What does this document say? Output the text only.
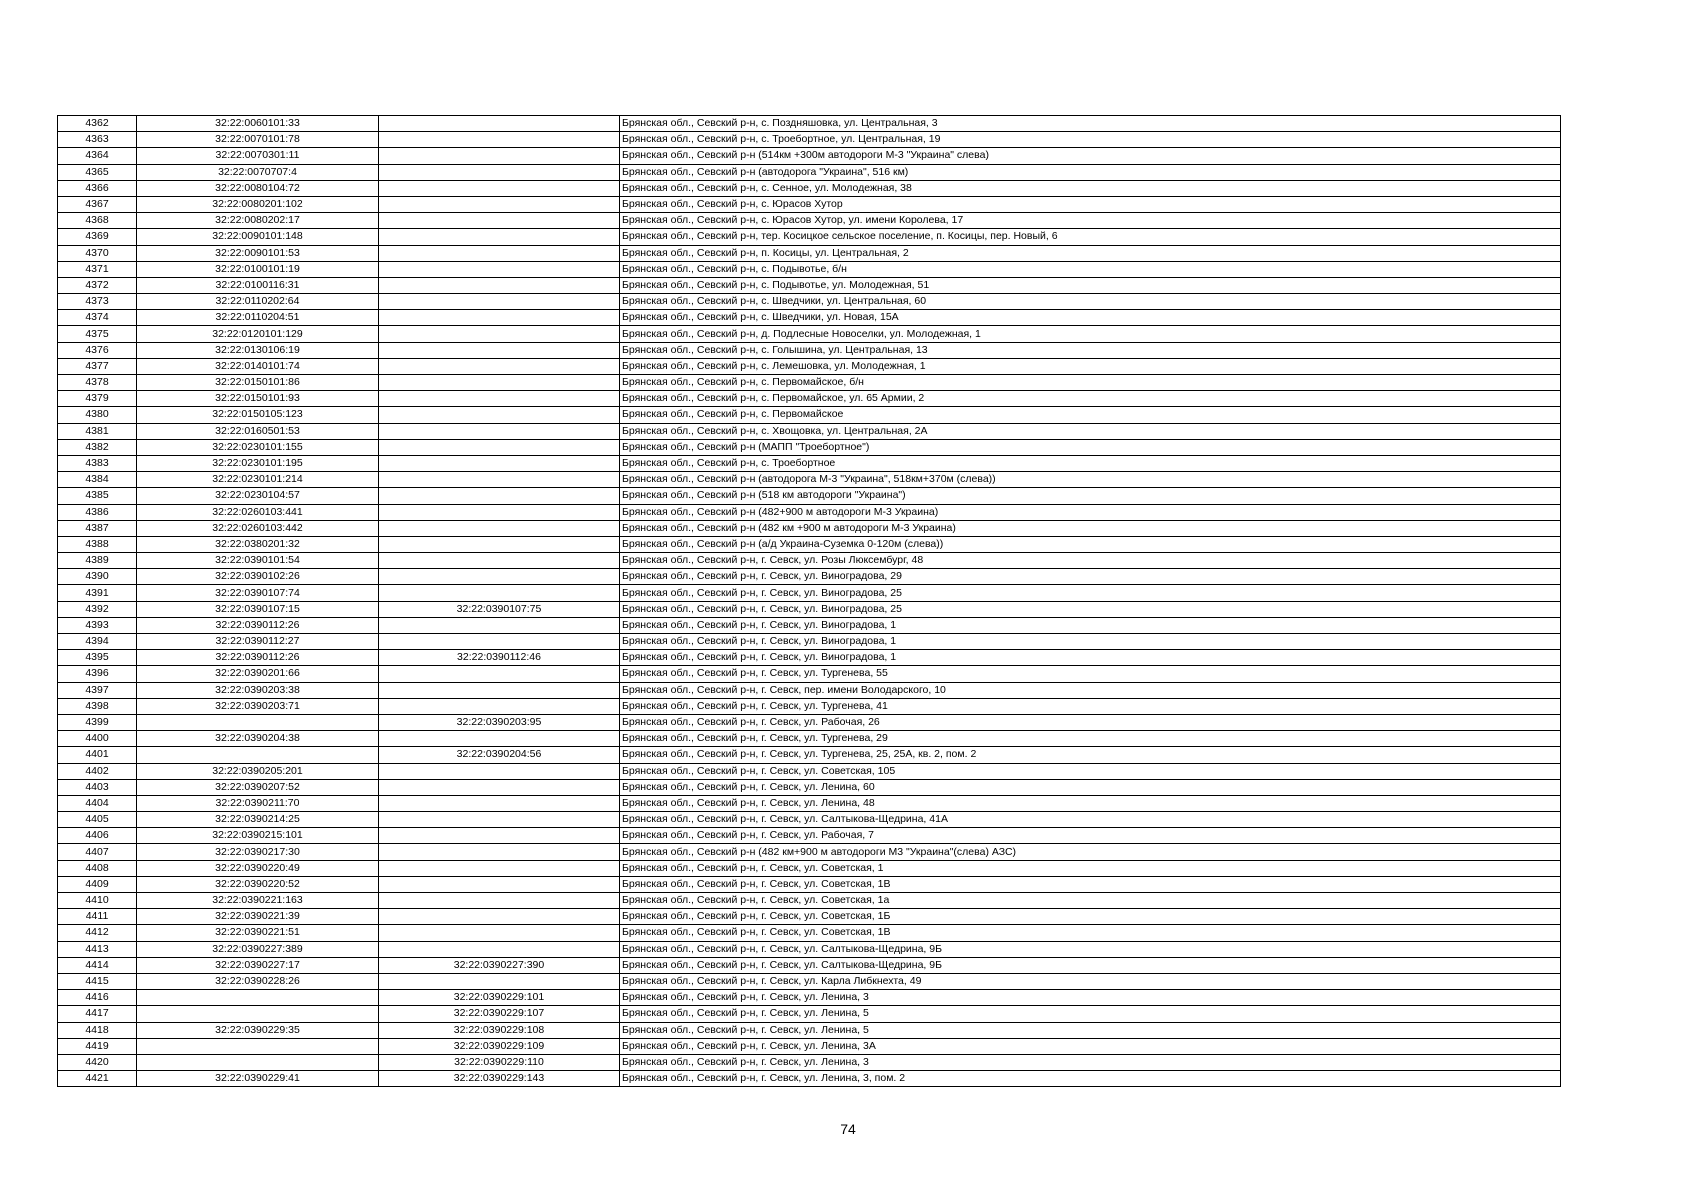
4362	32:22:0060101:33		Брянская обл., Севский р-н, с. Поздняшовка, ул. Центральная, 3
4363	32:22:0070101:78		Брянская обл., Севский р-н, с. Троебортное, ул. Центральная, 19
4364	32:22:0070301:11		Брянская обл., Севский р-н (514км +300м автодороги М-3 "Украина" слева)
4365	32:22:0070707:4		Брянская обл., Севский р-н (автодорога "Украина", 516 км)
4366	32:22:0080104:72		Брянская обл., Севский р-н, с. Сенное, ул. Молодежная, 38
4367	32:22:0080201:102		Брянская обл., Севский р-н, с. Юрасов Хутор
4368	32:22:0080202:17		Брянская обл., Севский р-н, с. Юрасов Хутор, ул. имени Королева, 17
4369	32:22:0090101:148		Брянская обл., Севский р-н, тер. Косицкое сельское поселение, п. Косицы, пер. Новый, 6
4370	32:22:0090101:53		Брянская обл., Севский р-н, п. Косицы, ул. Центральная, 2
4371	32:22:0100101:19		Брянская обл., Севский р-н, с. Подывотье, б/н
4372	32:22:0100116:31		Брянская обл., Севский р-н, с. Подывотье, ул. Молодежная, 51
4373	32:22:0110202:64		Брянская обл., Севский р-н, с. Шведчики, ул. Центральная, 60
4374	32:22:0110204:51		Брянская обл., Севский р-н, с. Шведчики, ул. Новая, 15А
4375	32:22:0120101:129		Брянская обл., Севский р-н, д. Подлесные Новоселки, ул. Молодежная, 1
4376	32:22:0130106:19		Брянская обл., Севский р-н, с. Голышина, ул. Центральная, 13
4377	32:22:0140101:74		Брянская обл., Севский р-н, с. Лемешовка, ул. Молодежная, 1
4378	32:22:0150101:86		Брянская обл., Севский р-н, с. Первомайское, б/н
4379	32:22:0150101:93		Брянская обл., Севский р-н, с. Первомайское, ул. 65 Армии, 2
4380	32:22:0150105:123		Брянская обл., Севский р-н, с. Первомайское
4381	32:22:0160501:53		Брянская обл., Севский р-н, с. Хвощовка, ул. Центральная, 2А
4382	32:22:0230101:155		Брянская обл., Севский р-н (МАПП "Троебортное")
4383	32:22:0230101:195		Брянская обл., Севский р-н, с. Троебортное
4384	32:22:0230101:214		Брянская обл., Севский р-н (автодорога М-3 "Украина", 518км+370м (слева))
4385	32:22:0230104:57		Брянская обл., Севский р-н (518 км автодороги "Украина")
4386	32:22:0260103:441		Брянская обл., Севский р-н (482+900 м автодороги М-3 Украина)
4387	32:22:0260103:442		Брянская обл., Севский р-н (482 км +900 м автодороги М-3 Украина)
4388	32:22:0380201:32		Брянская обл., Севский р-н (а/д Украина-Суземка 0-120м (слева))
4389	32:22:0390101:54		Брянская обл., Севский р-н, г. Севск, ул. Розы Люксембург, 48
4390	32:22:0390102:26		Брянская обл., Севский р-н, г. Севск, ул. Виноградова, 29
4391	32:22:0390107:74		Брянская обл., Севский р-н, г. Севск, ул. Виноградова, 25
4392	32:22:0390107:15	32:22:0390107:75	Брянская обл., Севский р-н, г. Севск, ул. Виноградова, 25
4393	32:22:0390112:26		Брянская обл., Севский р-н, г. Севск, ул. Виноградова, 1
4394	32:22:0390112:27		Брянская обл., Севский р-н, г. Севск, ул. Виноградова, 1
4395	32:22:0390112:26	32:22:0390112:46	Брянская обл., Севский р-н, г. Севск, ул. Виноградова, 1
4396	32:22:0390201:66		Брянская обл., Севский р-н, г. Севск, ул. Тургенева, 55
4397	32:22:0390203:38		Брянская обл., Севский р-н, г. Севск, пер. имени Володарского, 10
4398	32:22:0390203:71		Брянская обл., Севский р-н, г. Севск, ул. Тургенева, 41
4399		32:22:0390203:95	Брянская обл., Севский р-н, г. Севск, ул. Рабочая, 26
4400	32:22:0390204:38		Брянская обл., Севский р-н, г. Севск, ул. Тургенева, 29
4401		32:22:0390204:56	Брянская обл., Севский р-н, г. Севск, ул. Тургенева, 25, 25А, кв. 2, пом. 2
4402	32:22:0390205:201		Брянская обл., Севский р-н, г. Севск, ул. Советская, 105
4403	32:22:0390207:52		Брянская обл., Севский р-н, г. Севск, ул. Ленина, 60
4404	32:22:0390211:70		Брянская обл., Севский р-н, г. Севск, ул. Ленина, 48
4405	32:22:0390214:25		Брянская обл., Севский р-н, г. Севск, ул. Салтыкова-Щедрина, 41А
4406	32:22:0390215:101		Брянская обл., Севский р-н, г. Севск, ул. Рабочая, 7
4407	32:22:0390217:30		Брянская обл., Севский р-н (482 км+900 м автодороги М3 "Украина"(слева) АЗС)
4408	32:22:0390220:49		Брянская обл., Севский р-н, г. Севск, ул. Советская, 1
4409	32:22:0390220:52		Брянская обл., Севский р-н, г. Севск, ул. Советская, 1В
4410	32:22:0390221:163		Брянская обл., Севский р-н, г. Севск, ул. Советская, 1а
4411	32:22:0390221:39		Брянская обл., Севский р-н, г. Севск, ул. Советская, 1Б
4412	32:22:0390221:51		Брянская обл., Севский р-н, г. Севск, ул. Советская, 1В
4413	32:22:0390227:389		Брянская обл., Севский р-н, г. Севск, ул. Салтыкова-Щедрина, 9Б
4414	32:22:0390227:17	32:22:0390227:390	Брянская обл., Севский р-н, г. Севск, ул. Салтыкова-Щедрина, 9Б
4415	32:22:0390228:26		Брянская обл., Севский р-н, г. Севск, ул. Карла Либкнехта, 49
4416		32:22:0390229:101	Брянская обл., Севский р-н, г. Севск, ул. Ленина, 3
4417		32:22:0390229:107	Брянская обл., Севский р-н, г. Севск, ул. Ленина, 5
4418	32:22:0390229:35	32:22:0390229:108	Брянская обл., Севский р-н, г. Севск, ул. Ленина, 5
4419		32:22:0390229:109	Брянская обл., Севский р-н, г. Севск, ул. Ленина, 3А
4420		32:22:0390229:110	Брянская обл., Севский р-н, г. Севск, ул. Ленина, 3
4421	32:22:0390229:41	32:22:0390229:143	Брянская обл., Севский р-н, г. Севск, ул. Ленина, 3, пом. 2
74
